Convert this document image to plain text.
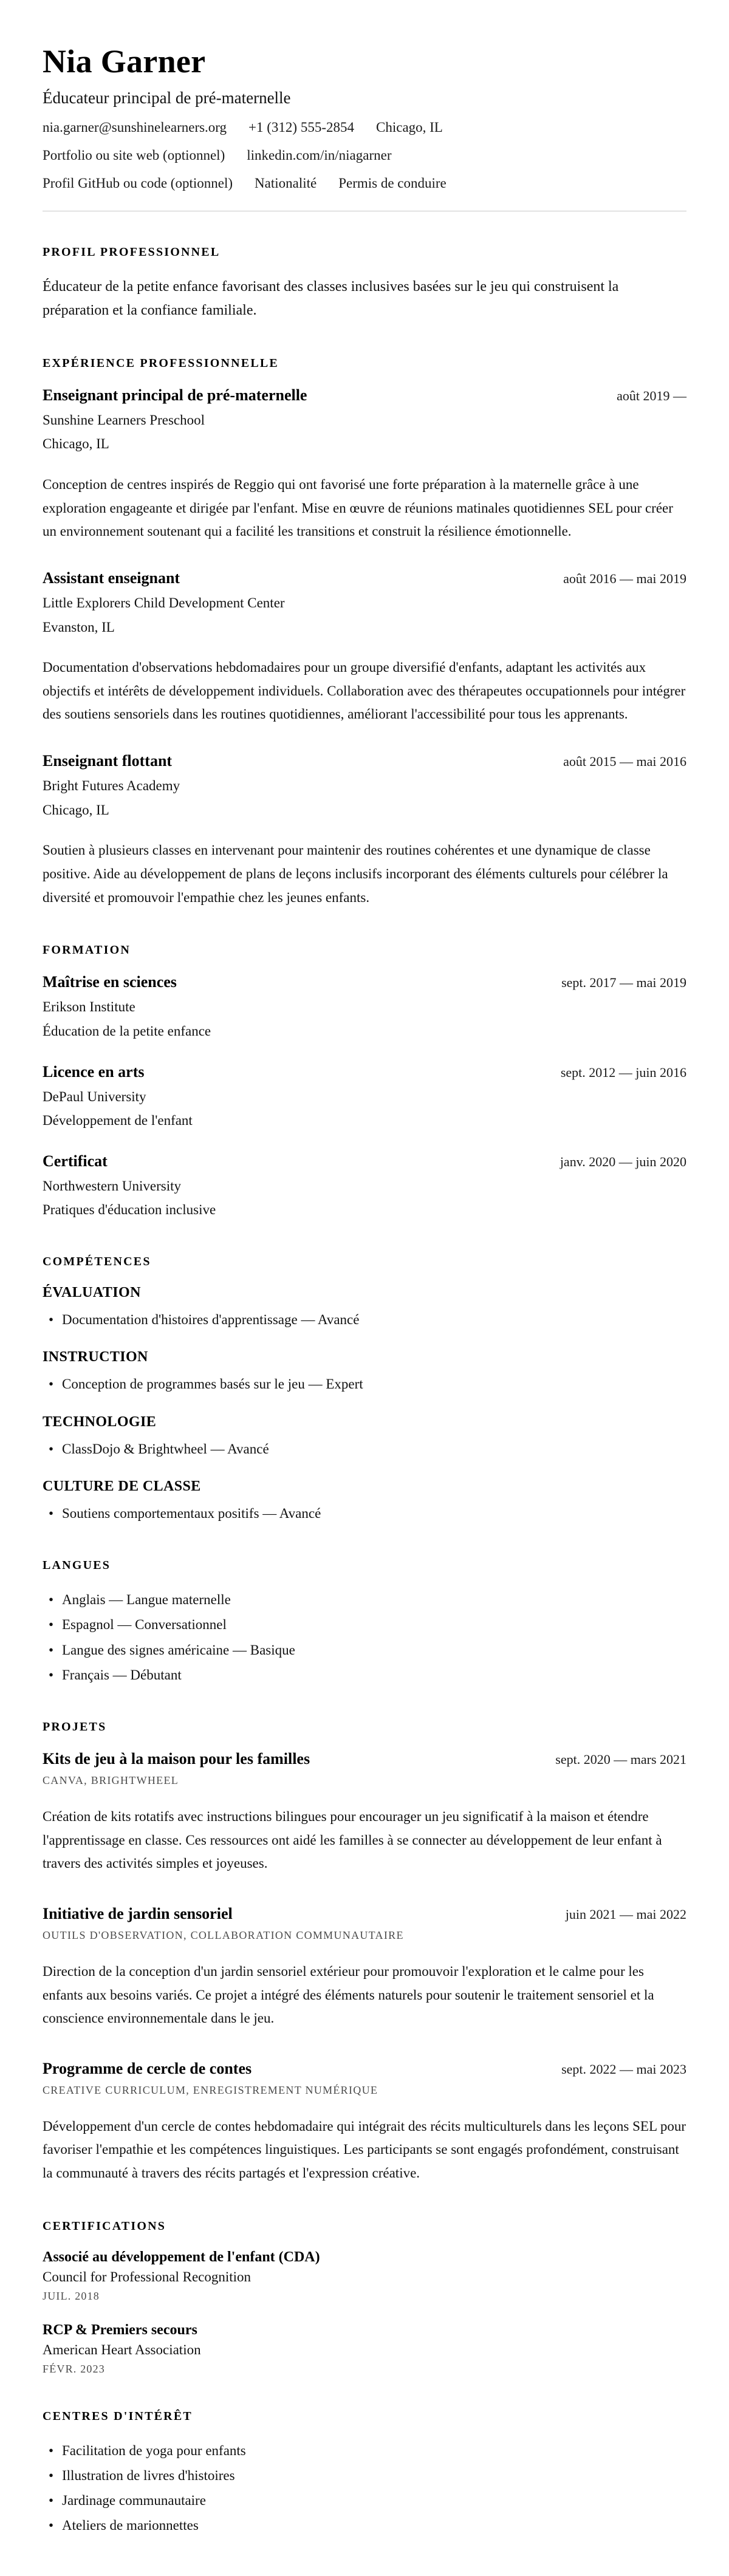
Nia Garner

Éducateur principal de pré-maternelle

nia.garner@sunshinelearners.org +1 (312) 555-2854 Chicago, IL
Portfolio ou site web (optionnel) linkedin.com/in/niagarner
Profil GitHub ou code (optionnel) Nationalité Permis de conduire
PROFIL PROFESSIONNEL

Éducateur de la petite enfance favorisant des classes inclusives basées sur le jeu qui construisent la préparation et la confiance familiale.

EXPÉRIENCE PROFESSIONNELLE
Enseignant principal de pré-maternelle	août 2019 —

Sunshine Learners Preschool

Chicago, IL

Conception de centres inspirés de Reggio qui ont favorisé une forte préparation à la maternelle grâce à une exploration engageante et dirigée par l'enfant. Mise en œuvre de réunions matinales quotidiennes SEL pour créer un environnement soutenant qui a facilité les transitions et construit la résilience émotionnelle.

Assistant enseignant	août 2016 — mai 2019

Little Explorers Child Development Center

Evanston, IL

Documentation d'observations hebdomadaires pour un groupe diversifié d'enfants, adaptant les activités aux objectifs et intérêts de développement individuels. Collaboration avec des thérapeutes occupationnels pour intégrer des soutiens sensoriels dans les routines quotidiennes, améliorant l'accessibilité pour tous les apprenants.

Enseignant flottant	août 2015 — mai 2016

Bright Futures Academy

Chicago, IL

Soutien à plusieurs classes en intervenant pour maintenir des routines cohérentes et une dynamique de classe positive. Aide au développement de plans de leçons inclusifs incorporant des éléments culturels pour célébrer la diversité et promouvoir l'empathie chez les jeunes enfants.

FORMATION
Maîtrise en sciences	sept. 2017 — mai 2019

Erikson Institute

Éducation de la petite enfance

Licence en arts	sept. 2012 — juin 2016

DePaul University

Développement de l'enfant

Certificat	janv. 2020 — juin 2020

Northwestern University

Pratiques d'éducation inclusive

COMPÉTENCES
ÉVALUATION
• Documentation d'histoires d'apprentissage — Avancé
INSTRUCTION
• Conception de programmes basés sur le jeu — Expert
TECHNOLOGIE
• ClassDojo & Brightwheel — Avancé
CULTURE DE CLASSE
• Soutiens comportementaux positifs — Avancé
LANGUES
• Anglais — Langue maternelle
• Espagnol — Conversationnel
• Langue des signes américaine — Basique
• Français — Débutant
PROJETS
Kits de jeu à la maison pour les familles	sept. 2020 — mars 2021

CANVA, BRIGHTWHEEL

Création de kits rotatifs avec instructions bilingues pour encourager un jeu significatif à la maison et étendre l'apprentissage en classe. Ces ressources ont aidé les familles à se connecter au développement de leur enfant à travers des activités simples et joyeuses.

Initiative de jardin sensoriel	juin 2021 — mai 2022

OUTILS D'OBSERVATION, COLLABORATION COMMUNAUTAIRE

Direction de la conception d'un jardin sensoriel extérieur pour promouvoir l'exploration et le calme pour les enfants aux besoins variés. Ce projet a intégré des éléments naturels pour soutenir le traitement sensoriel et la conscience environnementale dans le jeu.

Programme de cercle de contes	sept. 2022 — mai 2023

CREATIVE CURRICULUM, ENREGISTREMENT NUMÉRIQUE

Développement d'un cercle de contes hebdomadaire qui intégrait des récits multiculturels dans les leçons SEL pour favoriser l'empathie et les compétences linguistiques. Les participants se sont engagés profondément, construisant la communauté à travers des récits partagés et l'expression créative.

CERTIFICATIONS
Associé au développement de l'enfant (CDA)

Council for Professional Recognition

JUIL. 2018

RCP & Premiers secours

American Heart Association

FÉVR. 2023

CENTRES D'INTÉRÊT
• Facilitation de yoga pour enfants
• Illustration de livres d'histoires
• Jardinage communautaire
• Ateliers de marionnettes
